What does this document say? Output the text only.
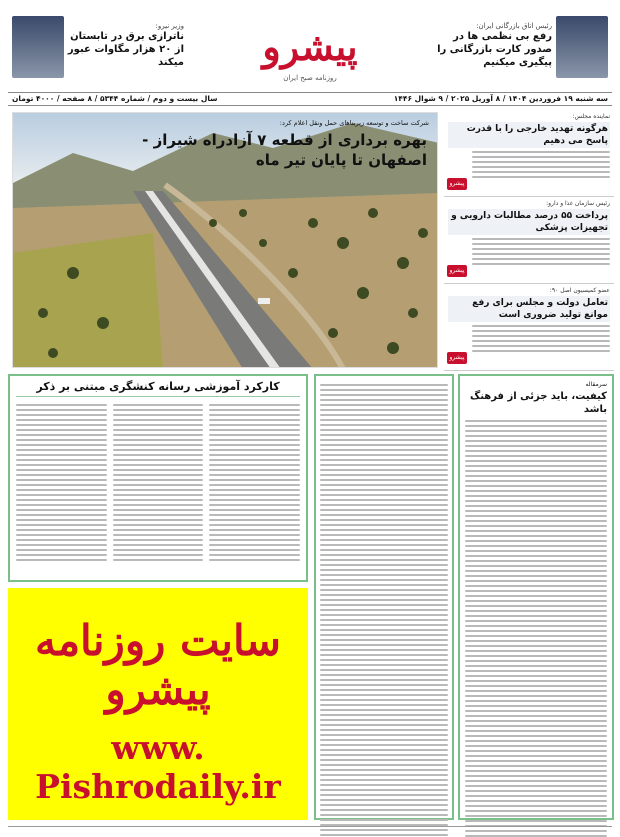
وزیر نیرو:
ناترازی برق در تابستان از ۲۰ هزار مگاوات عبور میکند	پیشرو
روزنامه صبح ایران
رئیس اتاق بازرگانی ایران:
رفع بی نظمی ها در صدور کارت بازرگانی را پیگیری میکنیم
سه شنبه ۱۹ فروردین ۱۴۰۴ / ۸ آوریل ۲۰۲۵ / ۹ شوال ۱۴۴۶
سال بیست و دوم / شماره ۵۳۴۴ / ۸ صفحه / ۴۰۰۰ تومان
شرکت ساخت و توسعه زیربناهای حمل ونقل اعلام کرد:
بهره برداری از قطعه ۷ آزادراه شیراز - اصفهان تا پایان تیر ماه
نماینده مجلس:
هرگونه تهدید خارجی را با قدرت پاسخ می دهیم
پیشرو
رئیس سازمان غذا و دارو:
پرداخت ۵۵ درصد مطالبات دارویی و تجهیزات پزشکی
پیشرو
عضو کمیسیون اصل ۹۰:
تعامل دولت و مجلس برای رفع موانع تولید ضروری است
پیشرو
کارکرد آموزشی رسانه کنشگری مبتنی بر ذکر	سرمقاله
کیفیت، باید جزئی از فرهنگ باشد
سایت روزنامه پیشرو
www. Pishrodaily.ir
